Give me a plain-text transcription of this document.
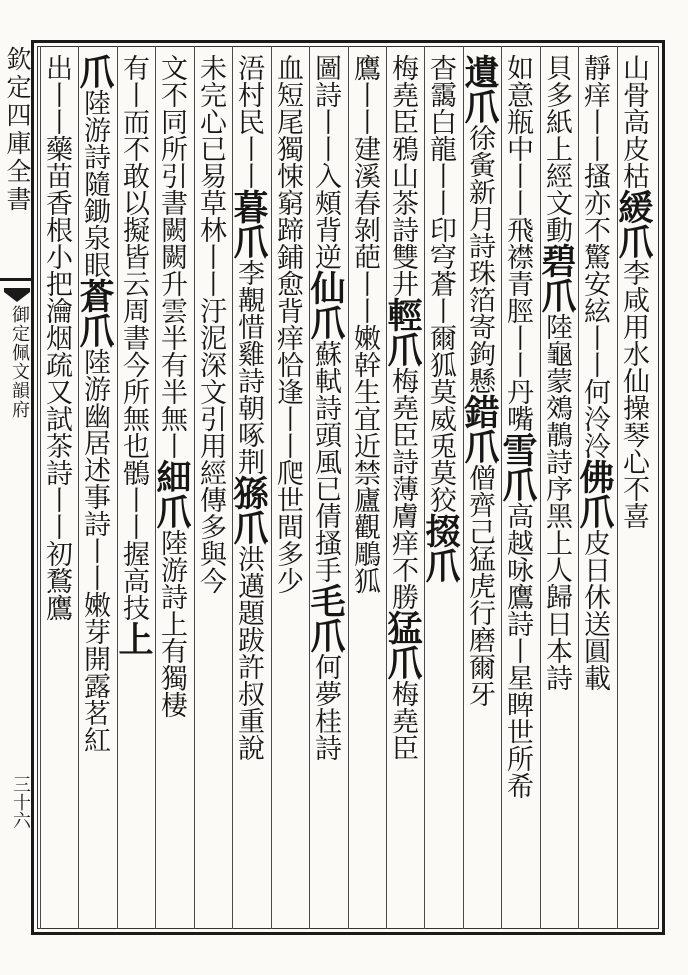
欽定四庫全書
御定佩文韻府
三十六
山骨高皮枯緩爪李咸用水仙操琴心不喜
靜痒丨丨搔亦不驚安絃丨丨何泠泠佛爪皮日休送圓載
貝多紙上經文動碧爪陸龜蒙鵁鶄詩序黑上人歸日本詩
如意瓶中丨丨飛襟青脛丨丨丹嘴雪爪高越咏鷹詩丨星睥世所希
遺爪徐夤新月詩珠箔寄鉤懸錯爪僧齊己猛虎行磨爾牙
杳靄白龍丨丨印穹蒼丨爾狐莫威兎莫狡掇爪
梅堯臣鴉山茶詩雙井輕爪梅堯臣詩薄膚痒不勝猛爪梅堯臣
鷹丨丨建溪春剝葩丨丨嫩幹生宜近禁廬觀鵰狐
圖詩丨丨入頰背逆仙爪蘇軾詩頭風已倩搔手毛爪何夢桂詩
血短尾獨悚窮蹄鋪愈背痒恰逢丨丨爬世間多少
浯村民丨丨暮爪李覯惜雞詩朝啄荆猻爪洪邁題跋許叔重說
未完心已易草林丨丨汙泥深文引用經傳多與今
文不同所引書闕闕升雲半有半無丨細爪陸游詩上有獨棲
有丨而不敢以擬皆云周書今所無也鶻丨丨握高技上
爪陸游詩隨鋤泉眼蒼爪陸游幽居述事詩丨丨嫩芽開露茗紅
出丨丨藥苗香根小把瀹烟疏又試茶詩丨丨初鶩鷹
